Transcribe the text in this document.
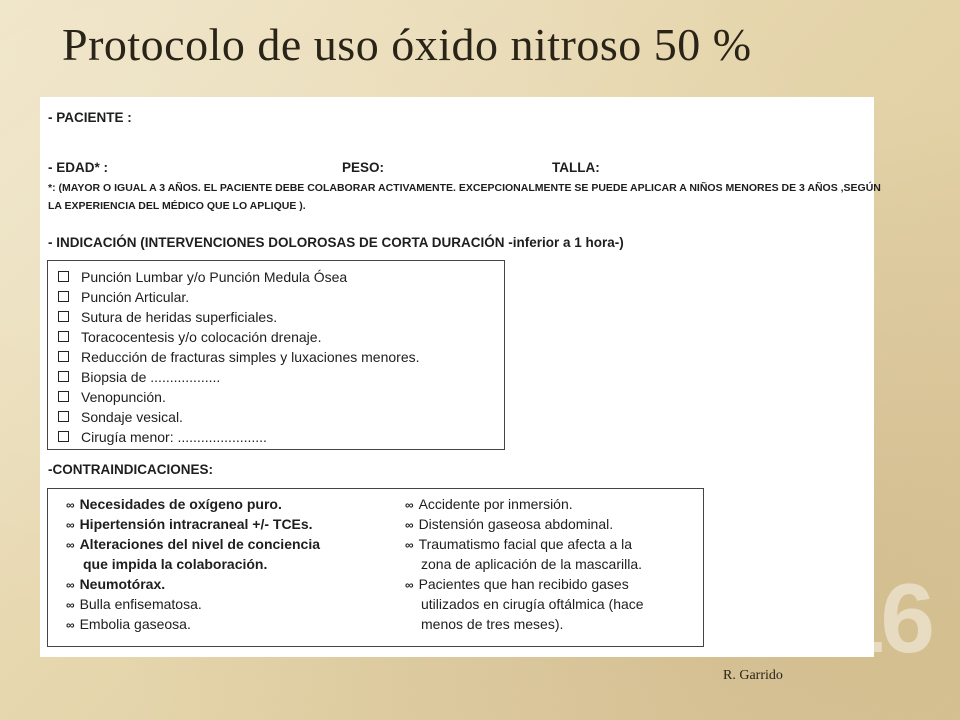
Protocolo de uso óxido nitroso 50 %
- PACIENTE :
- EDAD* :	PESO:	TALLA:
*: (MAYOR O IGUAL A 3 AÑOS. EL PACIENTE DEBE COLABORAR ACTIVAMENTE. EXCEPCIONALMENTE SE PUEDE APLICAR A NIÑOS MENORES DE 3 AÑOS ,SEGÚN
LA EXPERIENCIA DEL MÉDICO QUE LO APLIQUE ).
- INDICACIÓN (INTERVENCIONES DOLOROSAS DE CORTA DURACIÓN -inferior a 1 hora-)
Punción Lumbar y/o Punción Medula Ósea
Punción Articular.
Sutura de heridas superficiales.
Toracocentesis y/o colocación drenaje.
Reducción de fracturas simples y luxaciones menores.
Biopsia de ..................
Venopunción.
Sondaje vesical.
Cirugía menor: .......................
-CONTRAINDICACIONES:
∞ Necesidades de oxígeno puro.
∞ Hipertensión intracraneal +/- TCEs.
∞ Alteraciones del nivel de conciencia
que impida la colaboración.
∞ Neumotórax.
∞ Bulla enfisematosa.
∞ Embolia gaseosa.
∞ Accidente por inmersión.
∞ Distensión gaseosa abdominal.
∞ Traumatismo facial que afecta a la
zona de aplicación de la mascarilla.
∞ Pacientes que han recibido gases
utilizados en cirugía oftálmica (hace
menos de tres meses).	16
R. Garrido
